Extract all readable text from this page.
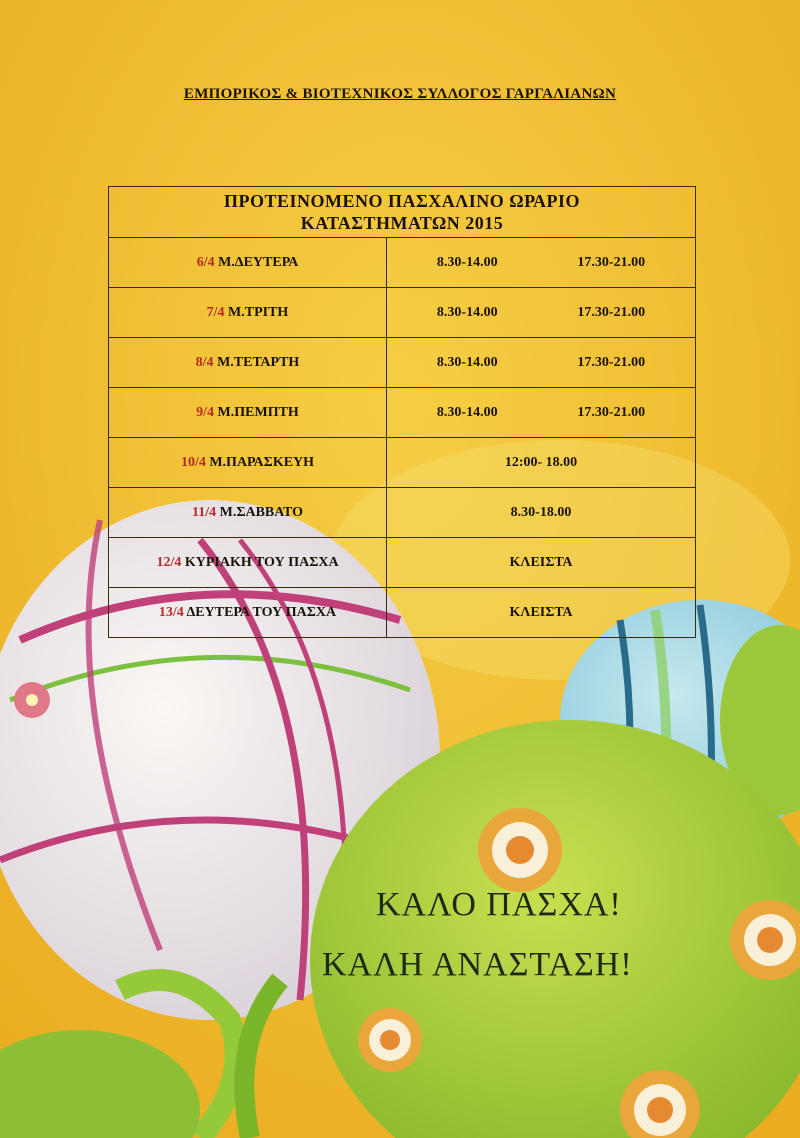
ΕΜΠΟΡΙΚΟΣ & ΒΙΟΤΕΧΝΙΚΟΣ ΣΥΛΛΟΓΟΣ ΓΑΡΓΑΛΙΑΝΩΝ
ΠΡΟΤΕΙΝΟΜΕΝΟ ΠΑΣΧΑΛΙΝΟ ΩΡΑΡΙΟ
ΚΑΤΑΣΤΗΜΑΤΩΝ 2015	

6/4 Μ.ΔΕΥΤΕΡΑ	8.30-14.00 17.30-21.00

7/4 Μ.ΤΡΙΤΗ	8.30-14.00 17.30-21.00

8/4 Μ.ΤΕΤΑΡΤΗ	8.30-14.00 17.30-21.00

9/4 Μ.ΠΕΜΠΤΗ	8.30-14.00 17.30-21.00

10/4 Μ.ΠΑΡΑΣΚΕΥΗ	12:00- 18.00
11/4 Μ.ΣΑΒΒΑΤΟ	8.30-18.00
12/4 ΚΥΡΙΑΚΗ ΤΟΥ ΠΑΣΧΑ	ΚΛΕΙΣΤΑ
13/4 ΔΕΥΤΕΡΑ ΤΟΥ ΠΑΣΧΑ	ΚΛΕΙΣΤΑ
ΚΑΛΟ ΠΑΣΧΑ!
ΚΑΛΗ ΑΝΑΣΤΑΣΗ!
